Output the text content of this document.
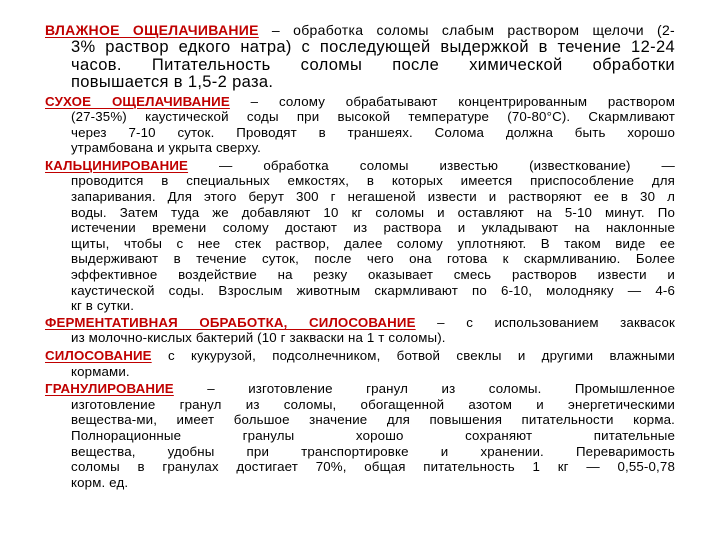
ВЛАЖНОЕ ОЩЕЛАЧИВАНИЕ – обработка соломы слабым раствором щелочи (2-
3% раствор едкого натра) с последующей выдержкой в течение 12-24
часов. Питательность соломы после химической обработки
повышается в 1,5-2 раза.
СУХОЕ ОЩЕЛАЧИВАНИЕ – солому обрабатывают концентрированным раствором
(27-35%) каустической соды при высокой температуре (70-80°С). Скармливают
через 7-10 суток. Проводят в траншеях. Солома должна быть хорошо
утрамбована и укрыта сверху.
КАЛЬЦИНИРОВАНИЕ — обработка соломы известью (известкование) —
проводится в специальных емкостях, в которых имеется приспособление для
запаривания. Для этого берут 300 г негашеной извести и растворяют ее в 30 л
воды. Затем туда же добавляют 10 кг соломы и оставляют на 5-10 минут. По
истечении времени солому достают из раствора и укладывают на наклонные
щиты, чтобы с нее стек раствор, далее солому уплотняют. В таком виде ее
выдерживают в течение суток, после чего она готова к скармливанию. Более
эффективное воздействие на резку оказывает смесь растворов извести и
каустической соды. Взрослым животным скармливают по 6-10, молодняку — 4-6
кг в сутки.
ФЕРМЕНТАТИВНАЯ ОБРАБОТКА, СИЛОСОВАНИЕ – с использованием заквасок
из молочно-кислых бактерий (10 г закваски на 1 т соломы).
СИЛОСОВАНИЕ с кукурузой, подсолнечником, ботвой свеклы и другими влажными
кормами.
ГРАНУЛИРОВАНИЕ – изготовление гранул из соломы. Промышленное
изготовление гранул из соломы, обогащенной азотом и энергетическими
вещества-ми, имеет большое значение для повышения питательности корма.
Полнорационные гранулы хорошо сохраняют питательные
вещества, удобны при транспортировке и хранении. Переваримость
соломы в гранулах достигает 70%, общая питательность 1 кг — 0,55-0,78
корм. ед.
